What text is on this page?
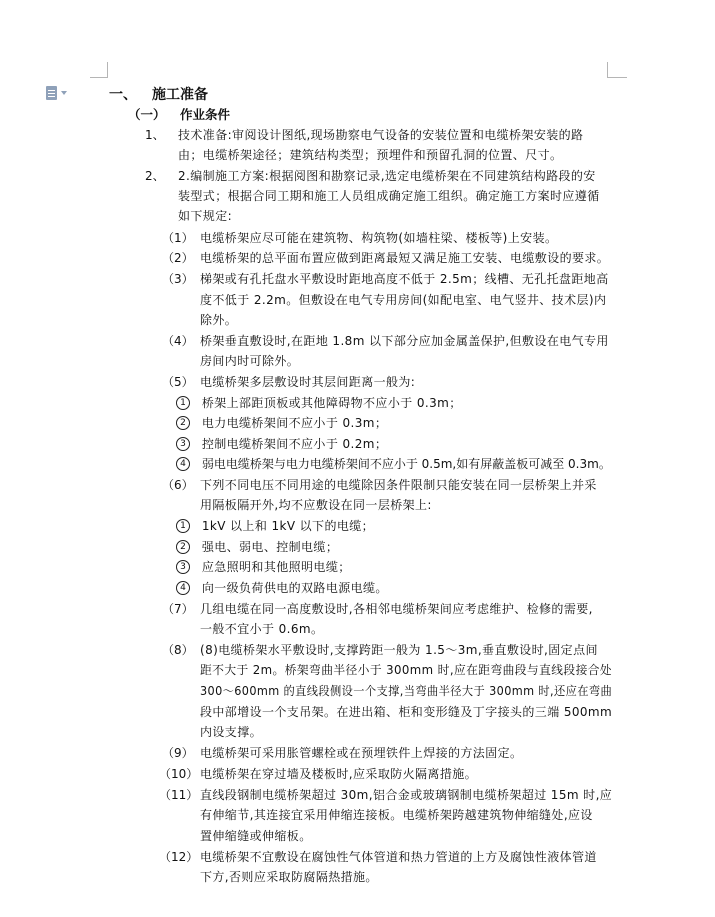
一、 施工准备
（一） 作业条件
1、 技术准备:审阅设计图纸,现场勘察电气设备的安装位置和电缆桥架安装的路
由；电缆桥架途径；建筑结构类型；预埋件和预留孔洞的位置、尺寸。
2、 2.编制施工方案:根据阅图和勘察记录,选定电缆桥架在不同建筑结构路段的安
装型式；根据合同工期和施工人员组成确定施工组织。确定施工方案时应遵循
如下规定:
（1） 电缆桥架应尽可能在建筑物、构筑物(如墙柱梁、楼板等)上安装。
（2） 电缆桥架的总平面布置应做到距离最短又满足施工安装、电缆敷设的要求。
（3） 梯架或有孔托盘水平敷设时距地高度不低于 2.5m；线槽、无孔托盘距地高
度不低于 2.2m。但敷设在电气专用房间(如配电室、电气竖井、技术层)内
除外。
（4） 桥架垂直敷设时,在距地 1.8m 以下部分应加金属盖保护,但敷设在电气专用
房间内时可除外。
（5） 电缆桥架多层敷设时其层间距离一般为:
1 桥架上部距顶板或其他障碍物不应小于 0.3m；
2 电力电缆桥架间不应小于 0.3m；
3 控制电缆桥架间不应小于 0.2m；
4 弱电电缆桥架与电力电缆桥架间不应小于 0.5m,如有屏蔽盖板可减至 0.3m。
（6） 下列不同电压不同用途的电缆除因条件限制只能安装在同一层桥架上并采
用隔板隔开外,均不应敷设在同一层桥架上:
1 1kV 以上和 1kV 以下的电缆；
2 强电、弱电、控制电缆；
3 应急照明和其他照明电缆；
4 向一级负荷供电的双路电源电缆。
（7） 几组电缆在同一高度敷设时,各相邻电缆桥架间应考虑维护、检修的需要,
一般不宜小于 0.6m。
（8） (8)电缆桥架水平敷设时,支撑跨距一般为 1.5～3m,垂直敷设时,固定点间
距不大于 2m。桥架弯曲半径小于 300mm 时,应在距弯曲段与直线段接合处
300～600mm 的直线段侧设一个支撑,当弯曲半径大于 300mm 时,还应在弯曲
段中部增设一个支吊架。在进出箱、柜和变形缝及丁字接头的三端 500mm
内设支撑。
（9） 电缆桥架可采用胀管螺栓或在预埋铁件上焊接的方法固定。
（10） 电缆桥架在穿过墙及楼板时,应采取防火隔离措施。
（11） 直线段钢制电缆桥架超过 30m,铝合金或玻璃钢制电缆桥架超过 15m 时,应
有伸缩节,其连接宜采用伸缩连接板。电缆桥架跨越建筑物伸缩缝处,应设
置伸缩缝或伸缩板。
（12） 电缆桥架不宜敷设在腐蚀性气体管道和热力管道的上方及腐蚀性液体管道
下方,否则应采取防腐隔热措施。
